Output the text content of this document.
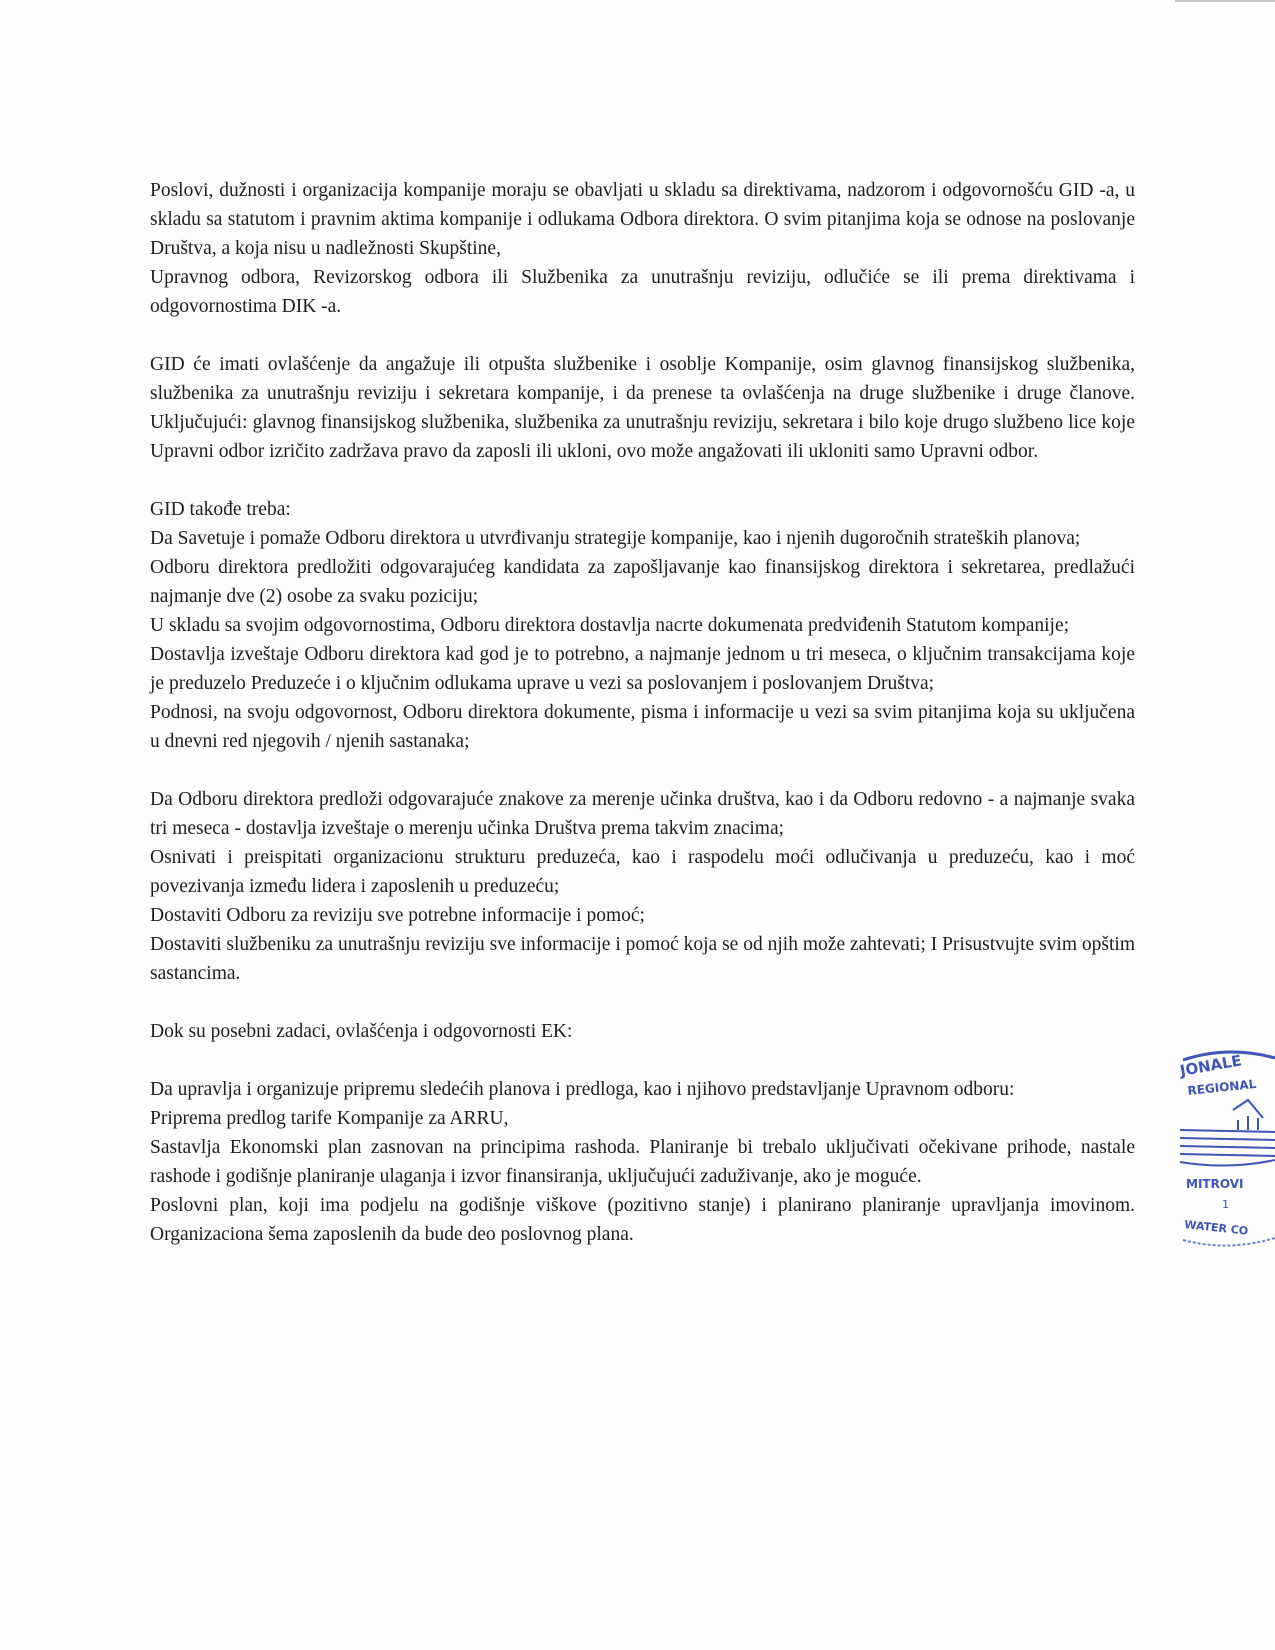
Poslovi, dužnosti i organizacija kompanije moraju se obavljati u skladu sa direktivama, nadzorom i odgovornošću GID -a, u skladu sa statutom i pravnim aktima kompanije i odlukama Odbora direktora. O svim pitanjima koja se odnose na poslovanje Društva, a koja nisu u nadležnosti Skupštine,

Upravnog odbora, Revizorskog odbora ili Službenika za unutrašnju reviziju, odlučiće se ili prema direktivama i odgovornostima DIK -a.

GID će imati ovlašćenje da angažuje ili otpušta službenike i osoblje Kompanije, osim glavnog finansijskog službenika, službenika za unutrašnju reviziju i sekretara kompanije, i da prenese ta ovlašćenja na druge službenike i druge članove. Uključujući: glavnog finansijskog službenika, službenika za unutrašnju reviziju, sekretara i bilo koje drugo službeno lice koje Upravni odbor izričito zadržava pravo da zaposli ili ukloni, ovo može angažovati ili ukloniti samo Upravni odbor.

GID takođe treba:

Da Savetuje i pomaže Odboru direktora u utvrđivanju strategije kompanije, kao i njenih dugoročnih strateških planova;

Odboru direktora predložiti odgovarajućeg kandidata za zapošljavanje kao finansijskog direktora i sekretarea, predlažući najmanje dve (2) osobe za svaku poziciju;

U skladu sa svojim odgovornostima, Odboru direktora dostavlja nacrte dokumenata predviđenih Statutom kompanije;

Dostavlja izveštaje Odboru direktora kad god je to potrebno, a najmanje jednom u tri meseca, o ključnim transakcijama koje je preduzelo Preduzeće i o ključnim odlukama uprave u vezi sa poslovanjem i poslovanjem Društva;

Podnosi, na svoju odgovornost, Odboru direktora dokumente, pisma i informacije u vezi sa svim pitanjima koja su uključena u dnevni red njegovih / njenih sastanaka;

Da Odboru direktora predloži odgovarajuće znakove za merenje učinka društva, kao i da Odboru redovno - a najmanje svaka tri meseca - dostavlja izveštaje o merenju učinka Društva prema takvim znacima;

Osnivati i preispitati organizacionu strukturu preduzeća, kao i raspodelu moći odlučivanja u preduzeću, kao i moć povezivanja između lidera i zaposlenih u preduzeću;

Dostaviti Odboru za reviziju sve potrebne informacije i pomoć;

Dostaviti službeniku za unutrašnju reviziju sve informacije i pomoć koja se od njih može zahtevati; I Prisustvujte svim opštim sastancima.

Dok su posebni zadaci, ovlašćenja i odgovornosti EK:

Da upravlja i organizuje pripremu sledećih planova i predloga, kao i njihovo predstavljanje Upravnom odboru:

Priprema predlog tarife Kompanije za ARRU,

Sastavlja Ekonomski plan zasnovan na principima rashoda. Planiranje bi trebalo uključivati očekivane prihode, nastale rashode i godišnje planiranje ulaganja i izvor finansiranja, uključujući zaduživanje, ako je moguće.

Poslovni plan, koji ima podjelu na godišnje viškove (pozitivno stanje) i planirano planiranje upravljanja imovinom. Organizaciona šema zaposlenih da bude deo poslovnog plana.

JONALE
REGIONAL
MITROVI
1
WATER CO
